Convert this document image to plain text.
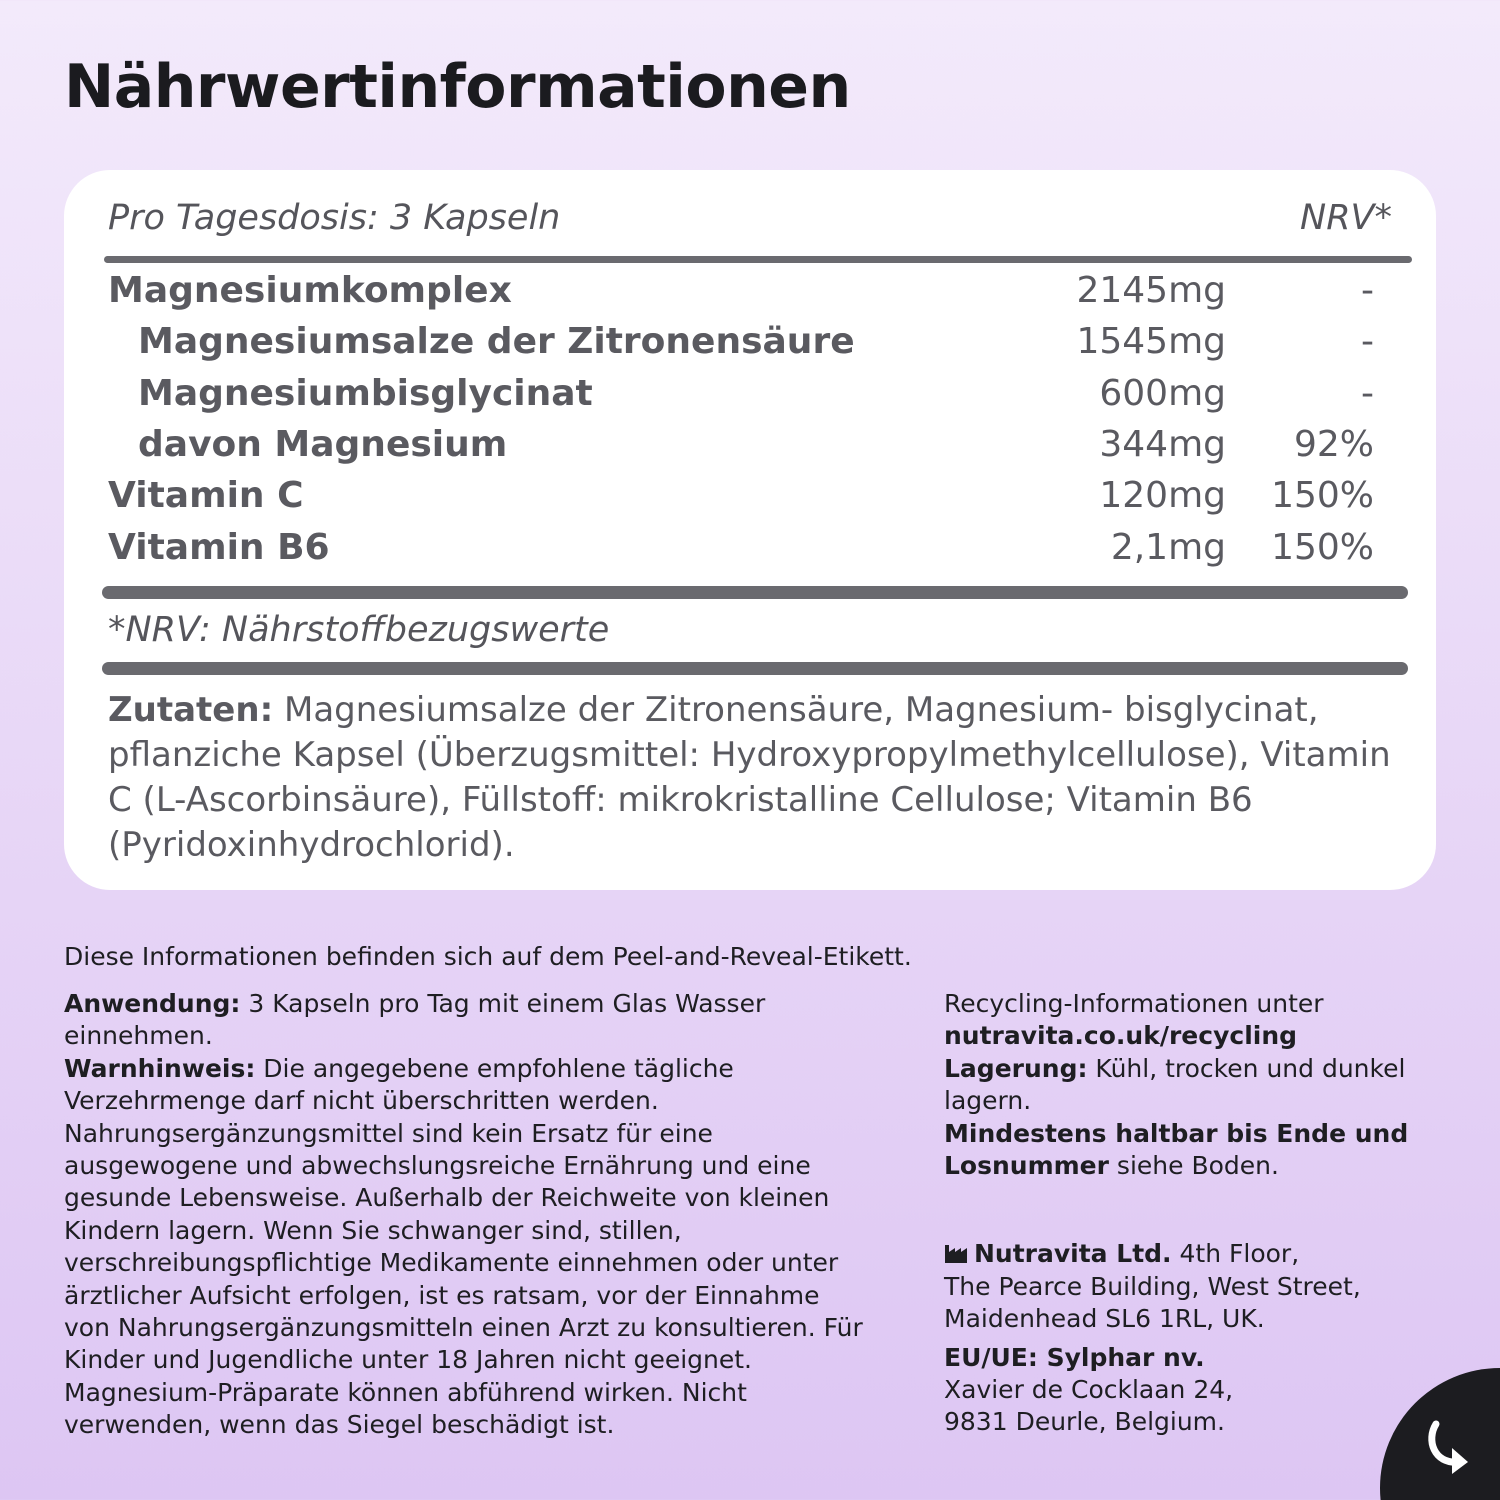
Nährwertinformationen
Pro Tagesdosis: 3 Kapseln	NRV*
Magnesiumkomplex	2145mg	-
Magnesiumsalze der Zitronensäure	1545mg	-
Magnesiumbisglycinat	600mg	-
davon Magnesium	344mg 92%
Vitamin C	120mg 150%
Vitamin B6	2,1mg 150%
*NRV: Nährstoffbezugswerte
Zutaten: Magnesiumsalze der Zitronensäure, Magnesium- bisglycinat, pflanziche Kapsel (Überzugsmittel: Hydroxypropylmethylcellulose), Vitamin C (L-Ascorbinsäure), Füllstoff: mikrokristalline Cellulose; Vitamin B6 (Pyridoxinhydrochlorid).
Diese Informationen befinden sich auf dem Peel-and-Reveal-Etikett.

Anwendung: 3 Kapseln pro Tag mit einem Glas Wasser einnehmen.

Warnhinweis: Die angegebene empfohlene tägliche Verzehrmenge darf nicht überschritten werden. Nahrungsergänzungsmittel sind kein Ersatz für eine ausgewogene und abwechslungsreiche Ernährung und eine gesunde Lebensweise. Außerhalb der Reichweite von kleinen Kindern lagern. Wenn Sie schwanger sind, stillen, verschreibungspflichtige Medikamente einnehmen oder unter ärztlicher Aufsicht erfolgen, ist es ratsam, vor der Einnahme von Nahrungsergänzungsmitteln einen Arzt zu konsultieren. Für Kinder und Jugendliche unter 18 Jahren nicht geeignet. Magnesium-Präparate können abführend wirken. Nicht verwenden, wenn das Siegel beschädigt ist.

Recycling-Informationen unter

nutravita.co.uk/recycling

Lagerung: Kühl, trocken und dunkel lagern.

Mindestens haltbar bis Ende und
Losnummer siehe Boden.

Nutravita Ltd. 4th Floor,

The Pearce Building, West Street,

Maidenhead SL6 1RL, UK.

EU/UE: Sylphar nv.

Xavier de Cocklaan 24,

9831 Deurle, Belgium.
